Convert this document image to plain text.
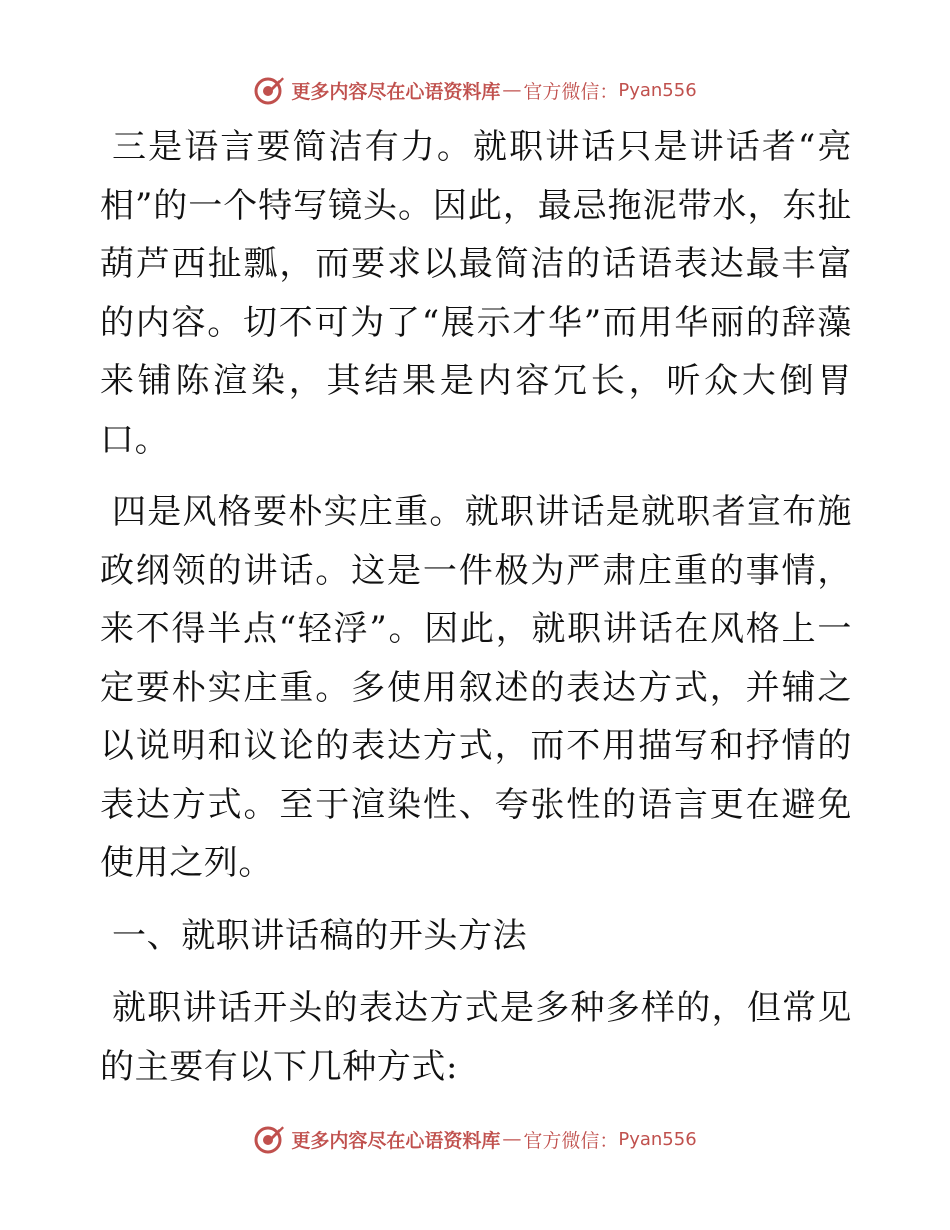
更多内容尽在心语资料库 — 官方微信： Pyan556

三是语言要简洁有力。就职讲话只是讲话者“亮相”的一个特写镜头。因此，最忌拖泥带水，东扯葫芦西扯瓢，而要求以最简洁的话语表达最丰富的内容。切不可为了“展示才华”而用华丽的辞藻来铺陈渲染，其结果是内容冗长，听众大倒胃口。

四是风格要朴实庄重。就职讲话是就职者宣布施政纲领的讲话。这是一件极为严肃庄重的事情，来不得半点“轻浮”。因此，就职讲话在风格上一定要朴实庄重。多使用叙述的表达方式，并辅之以说明和议论的表达方式，而不用描写和抒情的表达方式。至于渲染性、夸张性的语言更在避免使用之列。

一、就职讲话稿的开头方法

就职讲话开头的表达方式是多种多样的，但常见的主要有以下几种方式:

更多内容尽在心语资料库 — 官方微信： Pyan556
